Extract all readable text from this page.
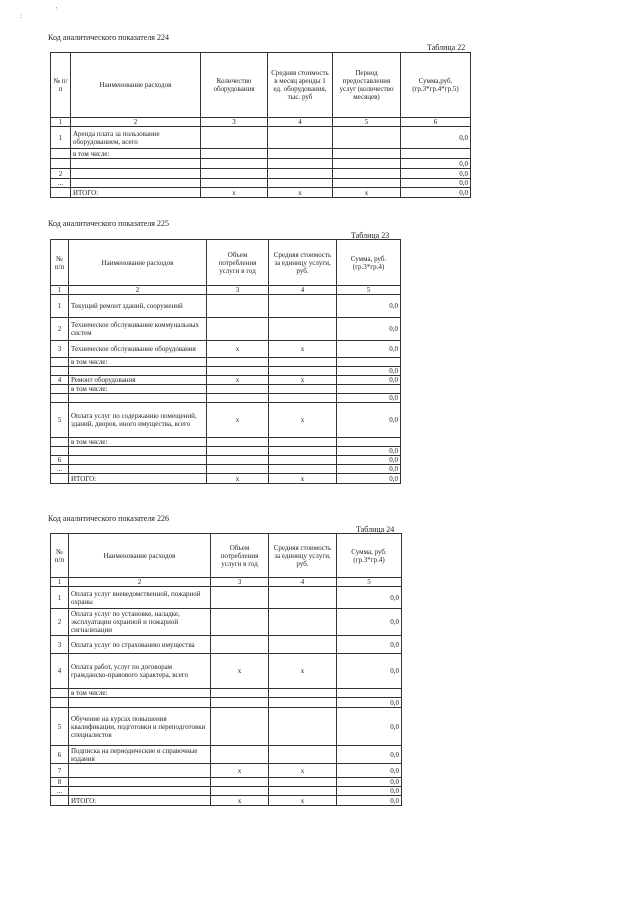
:
'
Код аналитического показателя 224
Таблица 22
№ п/п	Наименование расходов	Количество оборудования	Средняя стоимость в месяц аренды 1 ед. оборудования, тыс. руб	Период предоставления услуг (количество месяцев)	Сумма,руб. (гр.3*гр.4*гр.5)
1	2	3	4	5	6
1	Аренда плата за пользование оборудованием, всего				0,0
	в том числе:				
					0,0
2					0,0
...					0,0
	ИТОГО:	x	x	x	0,0
Код аналитического показателя 225
Таблица 23
№ п/п	Наименование расходов	Объем потребления услуги в год	Средняя стоимость за единицу услуги, руб.	Сумма, руб. (гр.3*гр.4)
1	2	3	4	5
1	Текущий ремонт зданий, сооружений			0,0
2	Техническое обслуживание коммунальных систем			0,0
3	Техническое обслуживание оборудования	x	x	0,0
	в том числе:			
				0,0
4	Ремонт оборудования	x	x	0,0
	в том числе:			
				0,0
5	Оплата услуг по содержанию помещений, зданий, дворов, иного имущества, всего	x	x	0,0
	в том числе:			
				0,0
6				0,0
...				0,0
	ИТОГО:	x	x	0,0
Код аналитического показателя 226
Таблица 24
№ п/п	Наименование расходов	Объем потребления услуги в год	Средняя стоимость за единицу услуги, руб.	Сумма, руб. (гр.3*гр.4)
1	2	3	4	5
1	Оплата услуг вневедомственной, пожарной охраны			0,0
2	Оплата услуг по установке, наладке, эксплуатации охранной и пожарной сигнализации			0,0
3	Оплата услуг по страхованию имущества			0,0
4	Оплата работ, услуг по договорам гражданско-правового характера, всего	x	x	0,0
	в том числе:			
				0,0
5	Обучение на курсах повышения квалификации, подготовки и переподготовки специалистов			0,0
6	Подписка на периодические и справочные издания			0,0
7		x	x	0,0
8				0,0
...				0,0
	ИТОГО:	x	x	0,0
